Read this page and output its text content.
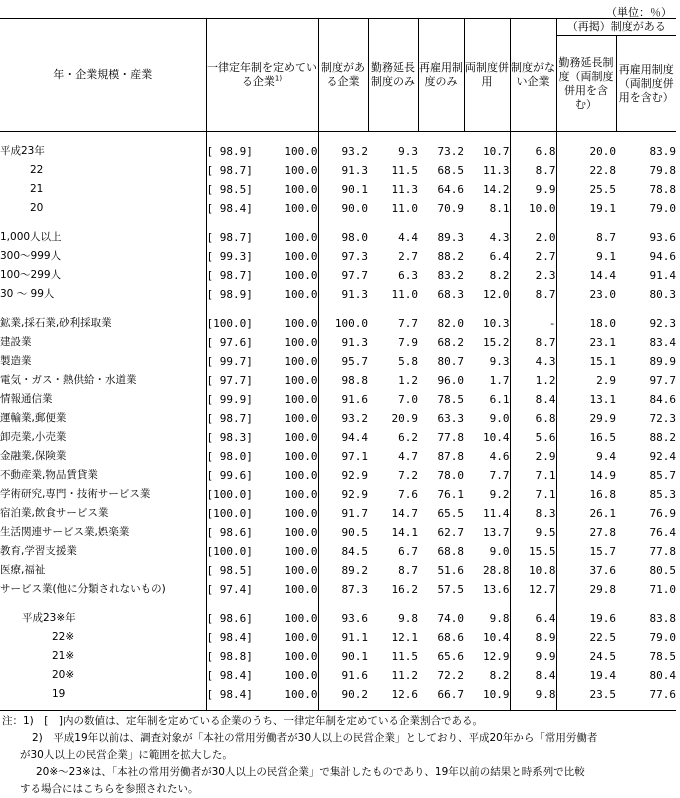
（単位：％）
年・企業規模・産業	一律定年制を定めている企業$^{1)}$		制度がある企業	勤務延長制度のみ	再雇用制度のみ	両制度併用	制度がない企業	（再掲）制度がある	
								勤務延長制度（両制度併用を含む）	再雇用制度（両制度併用を含む）

平成23年	[ 98.9]	100.0	93.2	9.3	73.2	10.7	6.8	20.0	83.9
22	[ 98.7]	100.0	91.3	11.5	68.5	11.3	8.7	22.8	79.8
21	[ 98.5]	100.0	90.1	11.3	64.6	14.2	9.9	25.5	78.8
20	[ 98.4]	100.0	90.0	11.0	70.9	8.1	10.0	19.1	79.0

1,000人以上	[ 98.7]	100.0	98.0	4.4	89.3	4.3	2.0	8.7	93.6
300～999人	[ 99.3]	100.0	97.3	2.7	88.2	6.4	2.7	9.1	94.6
100～299人	[ 98.7]	100.0	97.7	6.3	83.2	8.2	2.3	14.4	91.4
30 ～ 99人	[ 98.9]	100.0	91.3	11.0	68.3	12.0	8.7	23.0	80.3

鉱業,採石業,砂利採取業	[100.0]	100.0	100.0	7.7	82.0	10.3	-	18.0	92.3
建設業	[ 97.6]	100.0	91.3	7.9	68.2	15.2	8.7	23.1	83.4
製造業	[ 99.7]	100.0	95.7	5.8	80.7	9.3	4.3	15.1	89.9
電気・ガス・熱供給・水道業	[ 97.7]	100.0	98.8	1.2	96.0	1.7	1.2	2.9	97.7
情報通信業	[ 99.9]	100.0	91.6	7.0	78.5	6.1	8.4	13.1	84.6
運輸業,郵便業	[ 98.7]	100.0	93.2	20.9	63.3	9.0	6.8	29.9	72.3
卸売業,小売業	[ 98.3]	100.0	94.4	6.2	77.8	10.4	5.6	16.5	88.2
金融業,保険業	[ 98.0]	100.0	97.1	4.7	87.8	4.6	2.9	9.4	92.4
不動産業,物品賃貸業	[ 99.6]	100.0	92.9	7.2	78.0	7.7	7.1	14.9	85.7
学術研究,専門・技術サービス業	[100.0]	100.0	92.9	7.6	76.1	9.2	7.1	16.8	85.3
宿泊業,飲食サービス業	[100.0]	100.0	91.7	14.7	65.5	11.4	8.3	26.1	76.9
生活関連サービス業,娯楽業	[ 98.6]	100.0	90.5	14.1	62.7	13.7	9.5	27.8	76.4
教育,学習支援業	[100.0]	100.0	84.5	6.7	68.8	9.0	15.5	15.7	77.8
医療,福祉	[ 98.5]	100.0	89.2	8.7	51.6	28.8	10.8	37.6	80.5
サービス業(他に分類されないもの)	[ 97.4]	100.0	87.3	16.2	57.5	13.6	12.7	29.8	71.0

平成23※年	[ 98.6]	100.0	93.6	9.8	74.0	9.8	6.4	19.6	83.8
22※	[ 98.4]	100.0	91.1	12.1	68.6	10.4	8.9	22.5	79.0
21※	[ 98.8]	100.0	90.1	11.5	65.6	12.9	9.9	24.5	78.5
20※	[ 98.4]	100.0	91.6	11.2	72.2	8.2	8.4	19.4	80.4
19	[ 98.4]	100.0	90.2	12.6	66.7	10.9	9.8	23.5	77.6

注：1)　[　]内の数値は、定年制を定めている企業のうち、一律定年制を定めている企業割合である。
2)　平成19年以前は、調査対象が「本社の常用労働者が30人以上の民営企業」としており、平成20年から「常用労働者
が30人以上の民営企業」に範囲を拡大した。
20※～23※は、「本社の常用労働者が30人以上の民営企業」で集計したものであり、19年以前の結果と時系列で比較
する場合にはこちらを参照されたい。
